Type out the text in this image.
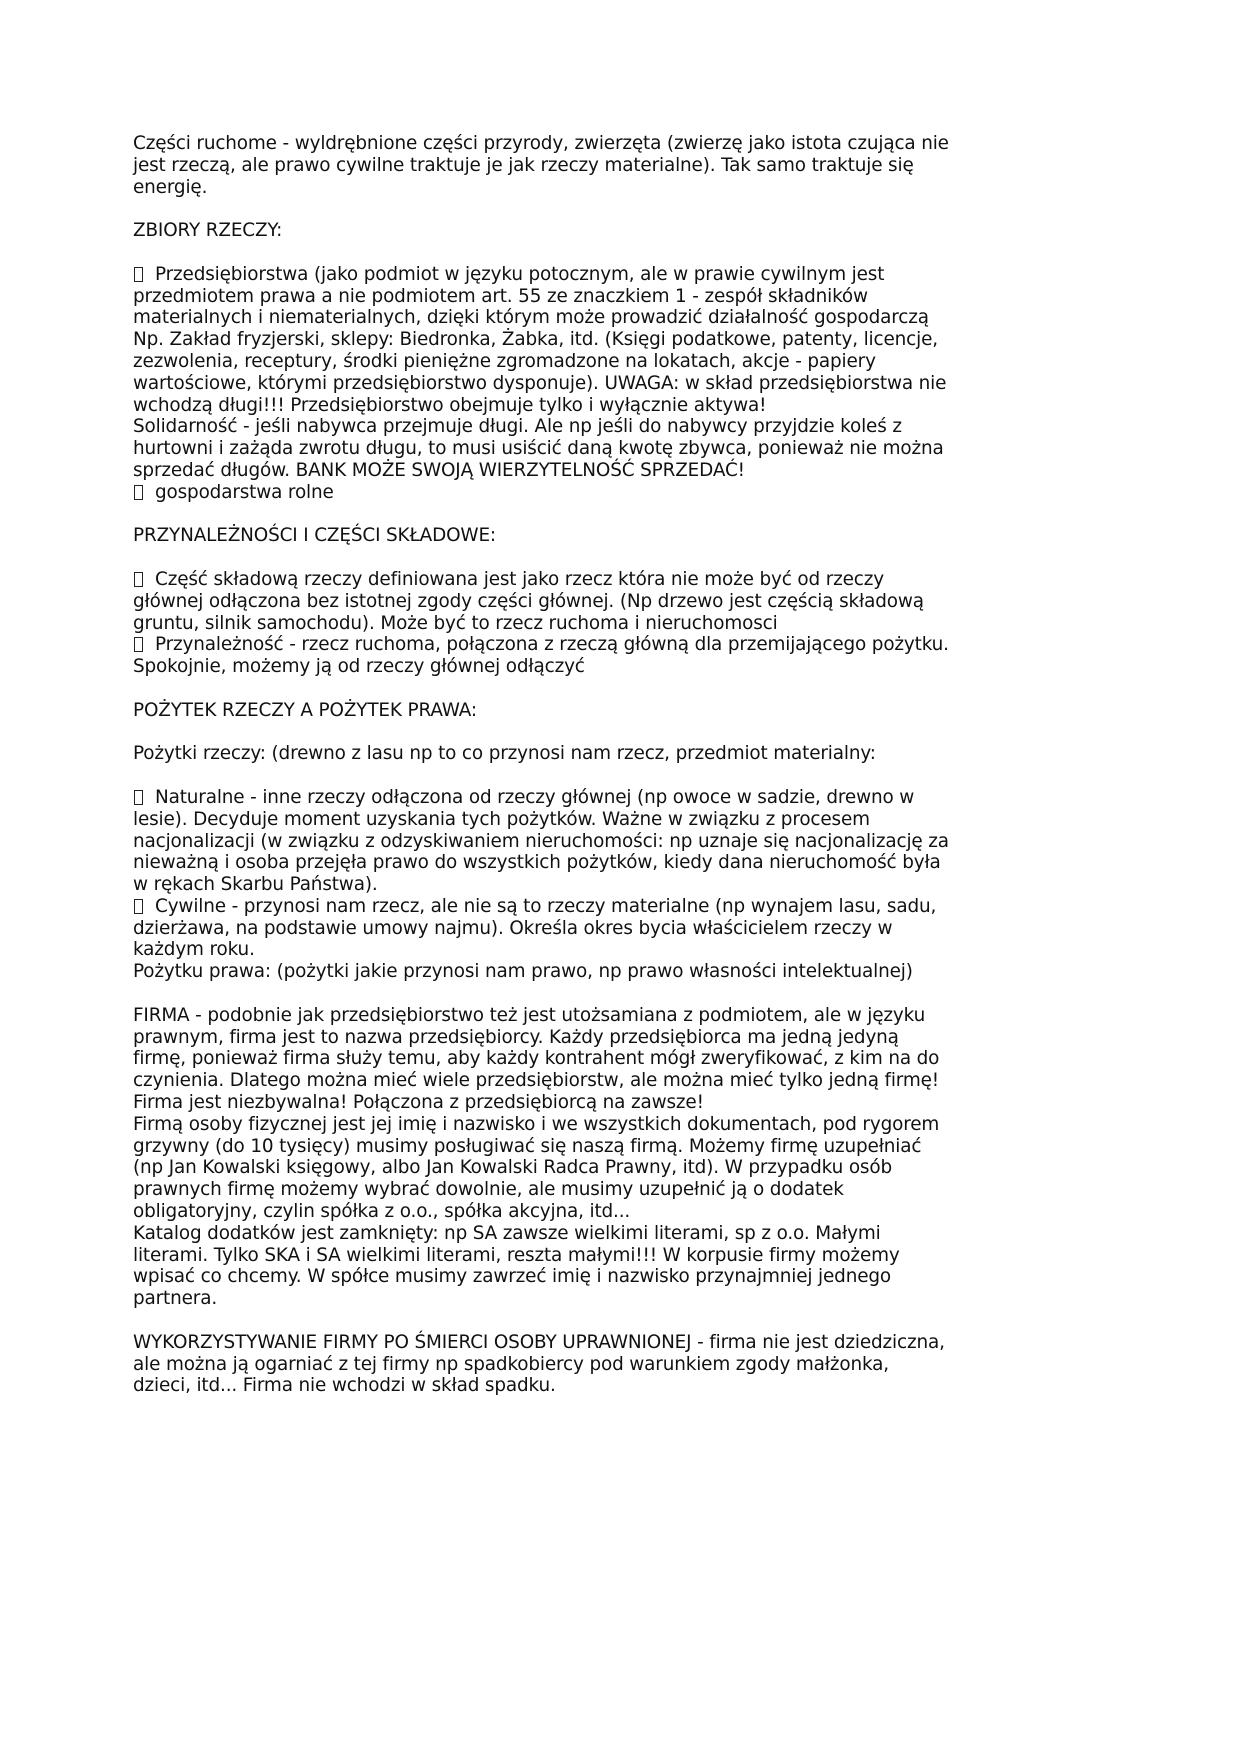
Części ruchome - wyldrębnione części przyrody, zwierzęta (zwierzę jako istota czująca nie
jest rzeczą, ale prawo cywilne traktuje je jak rzeczy materialne). Tak samo traktuje się
energię.
ZBIORY RZECZY:
Przedsiębiorstwa (jako podmiot w języku potocznym, ale w prawie cywilnym jest
przedmiotem prawa a nie podmiotem art. 55 ze znaczkiem 1 - zespół składników
materialnych i niematerialnych, dzięki którym może prowadzić działalność gospodarczą
Np. Zakład fryzjerski, sklepy: Biedronka, Żabka, itd. (Księgi podatkowe, patenty, licencje,
zezwolenia, receptury, środki pieniężne zgromadzone na lokatach, akcje - papiery
wartościowe, którymi przedsiębiorstwo dysponuje). UWAGA: w skład przedsiębiorstwa nie
wchodzą długi!!! Przedsiębiorstwo obejmuje tylko i wyłącznie aktywa!
Solidarność - jeśli nabywca przejmuje długi. Ale np jeśli do nabywcy przyjdzie koleś z
hurtowni i zażąda zwrotu długu, to musi usiścić daną kwotę zbywca, ponieważ nie można
sprzedać długów. BANK MOŻE SWOJĄ WIERZYTELNOŚĆ SPRZEDAĆ!
gospodarstwa rolne
PRZYNALEŻNOŚCI I CZĘŚCI SKŁADOWE:
Część składową rzeczy definiowana jest jako rzecz która nie może być od rzeczy
głównej odłączona bez istotnej zgody części głównej. (Np drzewo jest częścią składową
gruntu, silnik samochodu). Może być to rzecz ruchoma i nieruchomosci
Przynależność - rzecz ruchoma, połączona z rzeczą główną dla przemijającego pożytku.
Spokojnie, możemy ją od rzeczy głównej odłączyć
POŻYTEK RZECZY A POŻYTEK PRAWA:
Pożytki rzeczy: (drewno z lasu np to co przynosi nam rzecz, przedmiot materialny:
Naturalne - inne rzeczy odłączona od rzeczy głównej (np owoce w sadzie, drewno w
lesie). Decyduje moment uzyskania tych pożytków. Ważne w związku z procesem
nacjonalizacji (w związku z odzyskiwaniem nieruchomości: np uznaje się nacjonalizację za
nieważną i osoba przejęła prawo do wszystkich pożytków, kiedy dana nieruchomość była
w rękach Skarbu Państwa).
Cywilne - przynosi nam rzecz, ale nie są to rzeczy materialne (np wynajem lasu, sadu,
dzierżawa, na podstawie umowy najmu). Określa okres bycia właścicielem rzeczy w
każdym roku.
Pożytku prawa: (pożytki jakie przynosi nam prawo, np prawo własności intelektualnej)
FIRMA - podobnie jak przedsiębiorstwo też jest utożsamiana z podmiotem, ale w języku
prawnym, firma jest to nazwa przedsiębiorcy. Każdy przedsiębiorca ma jedną jedyną
firmę, ponieważ firma służy temu, aby każdy kontrahent mógł zweryfikować, z kim na do
czynienia. Dlatego można mieć wiele przedsiębiorstw, ale można mieć tylko jedną firmę!
Firma jest niezbywalna! Połączona z przedsiębiorcą na zawsze!
Firmą osoby fizycznej jest jej imię i nazwisko i we wszystkich dokumentach, pod rygorem
grzywny (do 10 tysięcy) musimy posługiwać się naszą firmą. Możemy firmę uzupełniać
(np Jan Kowalski księgowy, albo Jan Kowalski Radca Prawny, itd). W przypadku osób
prawnych firmę możemy wybrać dowolnie, ale musimy uzupełnić ją o dodatek
obligatoryjny, czylin spółka z o.o., spółka akcyjna, itd...
Katalog dodatków jest zamknięty: np SA zawsze wielkimi literami, sp z o.o. Małymi
literami. Tylko SKA i SA wielkimi literami, reszta małymi!!! W korpusie firmy możemy
wpisać co chcemy. W spółce musimy zawrzeć imię i nazwisko przynajmniej jednego
partnera.
WYKORZYSTYWANIE FIRMY PO ŚMIERCI OSOBY UPRAWNIONEJ - firma nie jest dziedziczna,
ale można ją ogarniać z tej firmy np spadkobiercy pod warunkiem zgody małżonka,
dzieci, itd... Firma nie wchodzi w skład spadku.
